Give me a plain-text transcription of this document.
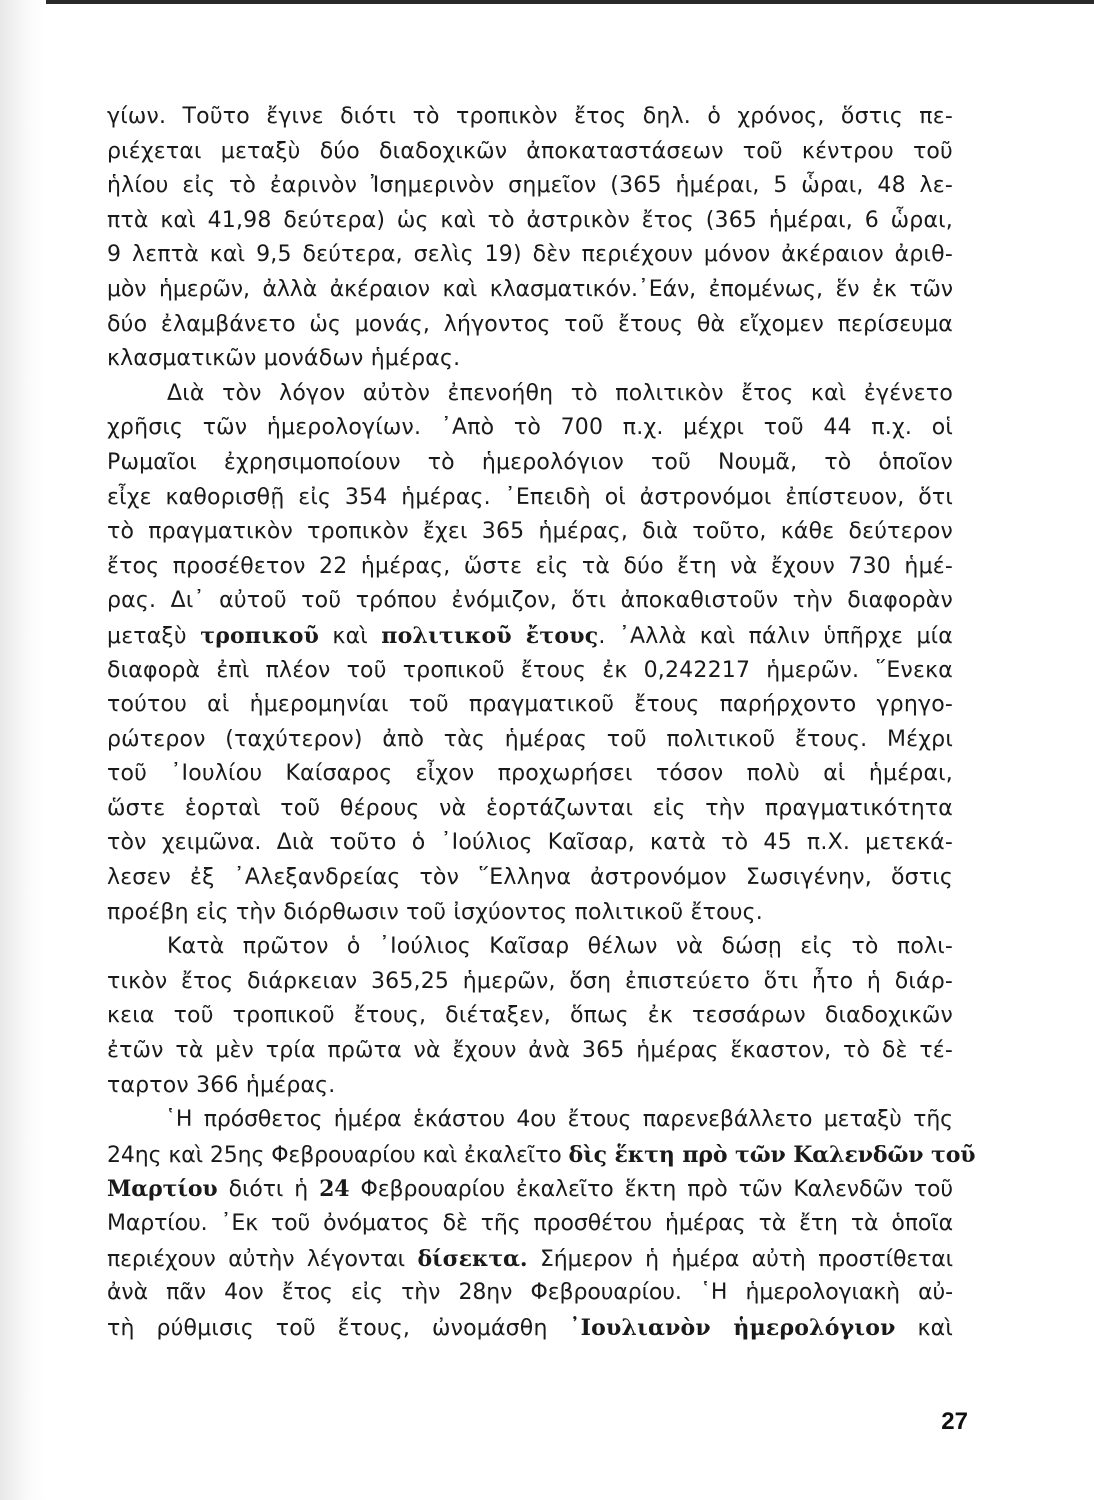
γίων. Τοῦτο ἔγινε διότι τὸ τροπικὸν ἔτος δηλ. ὁ χρόνος, ὅστις πε-
ριέχεται μεταξὺ δύο διαδοχικῶν ἀποκαταστάσεων τοῦ κέντρου τοῦ
ἡλίου εἰς τὸ ἐαρινὸν Ἰσημερινὸν σημεῖον (365 ἡμέραι, 5 ὧραι, 48 λε-
πτὰ καὶ 41,98 δεύτερα) ὡς καὶ τὸ ἀστρικὸν ἔτος (365 ἡμέραι, 6 ὧραι,
9 λεπτὰ καὶ 9,5 δεύτερα, σελὶς 19) δὲν περιέχουν μόνον ἀκέραιον ἀριθ-
μὸν ἡμερῶν, ἀλλὰ ἀκέραιον καὶ κλασματικόν.᾿Εάν, ἐπομένως, ἕν ἐκ τῶν
δύο ἐλαμβάνετο ὡς μονάς, λήγοντος τοῦ ἔτους θὰ εἴχομεν περίσευμα
κλασματικῶν μονάδων ἡμέρας.
Διὰ τὸν λόγον αὐτὸν ἐπενοήθη τὸ πολιτικὸν ἔτος καὶ ἐγένετο
χρῆσις τῶν ἡμερολογίων. ᾿Απὸ τὸ 700 π.χ. μέχρι τοῦ 44 π.χ. οἱ
Ρωμαῖοι ἐχρησιμοποίουν τὸ ἡμερολόγιον τοῦ Νουμᾶ, τὸ ὁποῖον
εἶχε καθορισθῇ εἰς 354 ἡμέρας. ᾿Επειδὴ οἱ ἀστρονόμοι ἐπίστευον, ὅτι
τὸ πραγματικὸν τροπικὸν ἔχει 365 ἡμέρας, διὰ τοῦτο, κάθε δεύτερον
ἔτος προσέθετον 22 ἡμέρας, ὥστε εἰς τὰ δύο ἔτη νὰ ἔχουν 730 ἡμέ-
ρας. Δι᾿ αὐτοῦ τοῦ τρόπου ἐνόμιζον, ὅτι ἀποκαθιστοῦν τὴν διαφορὰν
μεταξὺ τροπικοῦ καὶ πολιτικοῦ ἔτους. ᾿Αλλὰ καὶ πάλιν ὑπῆρχε μία
διαφορὰ ἐπὶ πλέον τοῦ τροπικοῦ ἔτους ἐκ 0,242217 ἡμερῶν. ῞Ενεκα
τούτου αἱ ἡμερομηνίαι τοῦ πραγματικοῦ ἔτους παρήρχοντο γρηγο-
ρώτερον (ταχύτερον) ἀπὸ τὰς ἡμέρας τοῦ πολιτικοῦ ἔτους. Μέχρι
τοῦ ᾿Ιουλίου Καίσαρος εἶχον προχωρήσει τόσον πολὺ αἱ ἡμέραι,
ὥστε ἑορταὶ τοῦ θέρους νὰ ἑορτάζωνται εἰς τὴν πραγματικότητα
τὸν χειμῶνα. Διὰ τοῦτο ὁ ᾿Ιούλιος Καῖσαρ, κατὰ τὸ 45 π.Χ. μετεκά-
λεσεν ἐξ ᾿Αλεξανδρείας τὸν ῞Ελληνα ἀστρονόμον Σωσιγένην, ὅστις
προέβη εἰς τὴν διόρθωσιν τοῦ ἰσχύοντος πολιτικοῦ ἔτους.
Κατὰ πρῶτον ὁ ᾿Ιούλιος Καῖσαρ θέλων νὰ δώσῃ εἰς τὸ πολι-
τικὸν ἔτος διάρκειαν 365,25 ἡμερῶν, ὅση ἐπιστεύετο ὅτι ἦτο ἡ διάρ-
κεια τοῦ τροπικοῦ ἔτους, διέταξεν, ὅπως ἐκ τεσσάρων διαδοχικῶν
ἐτῶν τὰ μὲν τρία πρῶτα νὰ ἔχουν ἀνὰ 365 ἡμέρας ἕκαστον, τὸ δὲ τέ-
ταρτον 366 ἡμέρας.
῾Η πρόσθετος ἡμέρα ἑκάστου 4ου ἔτους παρενεβάλλετο μεταξὺ τῆς
24ης καὶ 25ης Φεβρουαρίου καὶ ἐκαλεῖτο δὶς ἕκτη πρὸ τῶν Καλενδῶν τοῦ
Μαρτίου διότι ἡ 24 Φεβρουαρίου ἐκαλεῖτο ἕκτη πρὸ τῶν Καλενδῶν τοῦ
Μαρτίου. ᾿Εκ τοῦ ὀνόματος δὲ τῆς προσθέτου ἡμέρας τὰ ἔτη τὰ ὁποῖα
περιέχουν αὐτὴν λέγονται δίσεκτα. Σήμερον ἡ ἡμέρα αὐτὴ προστίθεται
ἀνὰ πᾶν 4ον ἔτος εἰς τὴν 28ην Φεβρουαρίου. ῾Η ἡμερολογιακὴ αὐ-
τὴ ρύθμισις τοῦ ἔτους, ὠνομάσθη ᾿Ιουλιανὸν ἡμερολόγιον καὶ
27
